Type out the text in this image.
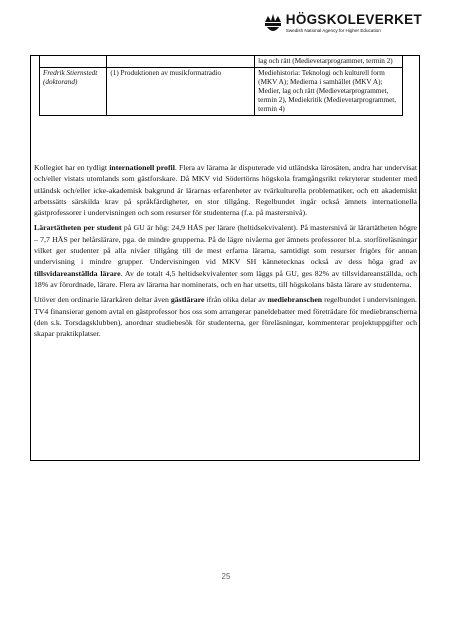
HÖGSKOLEVERKET
Swedish National Agency for Higher Education
		lag och rätt (Medievetarprogrammet, termin 2)
Fredrik Stiernstedt (doktorand)	(1) Produktionen av musikformatradio	Mediehistoria: Teknologi och kulturell form (MKV A); Medierna i samhället (MKV A); Medier, lag och rätt (Medievetarprogrammet, termin 2), Mediekritik (Medievetarprogrammet, termin 4)

Kollegiet har en tydligt internationell profil. Flera av lärarna är disputerade vid utländska lärosäten, andra har undervisat och/eller vistats utomlands som gästforskare. Då MKV vid Södertörns högskola framgångsrikt rekryterar studenter med utländsk och/eller icke-akademisk bakgrund är lärarnas erfarenheter av tvärkulturella problematiker, och ett akademiskt arbetssätts särskilda krav på språkfärdigheter, en stor tillgång. Regelbundet ingår också ämnets internationella gästprofessorer i undervisningen och som resurser för studenterna (f.a. på mastersnivå).

Lärartätheten per student på GU är hög: 24,9 HÅS per lärare (heltidsekvivalent). På mastersnivå är lärartätheten högre – 7,7 HÅS per helårslärare, pga. de mindre grupperna. På de lägre nivåerna ger ämnets professorer bl.a. storföreläsningar vilket ger studenter på alla nivåer tillgång till de mest erfarna lärarna, samtidigt som resurser frigörs för annan undervisning i mindre grupper. Undervisningen vid MKV SH kännetecknas också av dess höga grad av tillsvidareanställda lärare. Av de totalt 4,5 heltidsekvivalenter som läggs på GU, ges 82% av tillsvidareanställda, och 18% av förordnade, lärare. Flera av lärarna har nominerats, och en har utsetts, till högskolans bästa lärare av studenterna.

Utöver den ordinarie lärarkåren deltar även gästlärare ifrån olika delar av mediebranschen regelbundet i undervisningen. TV4 finansierar genom avtal en gästprofessor hos oss som arrangerar paneldebatter med företrädare för mediebranscherna (den s.k. Torsdagsklubben), anordnar studiebesök för studenterna, ger föreläsningar, kommenterar projektuppgifter och skapar praktikplatser.

25
